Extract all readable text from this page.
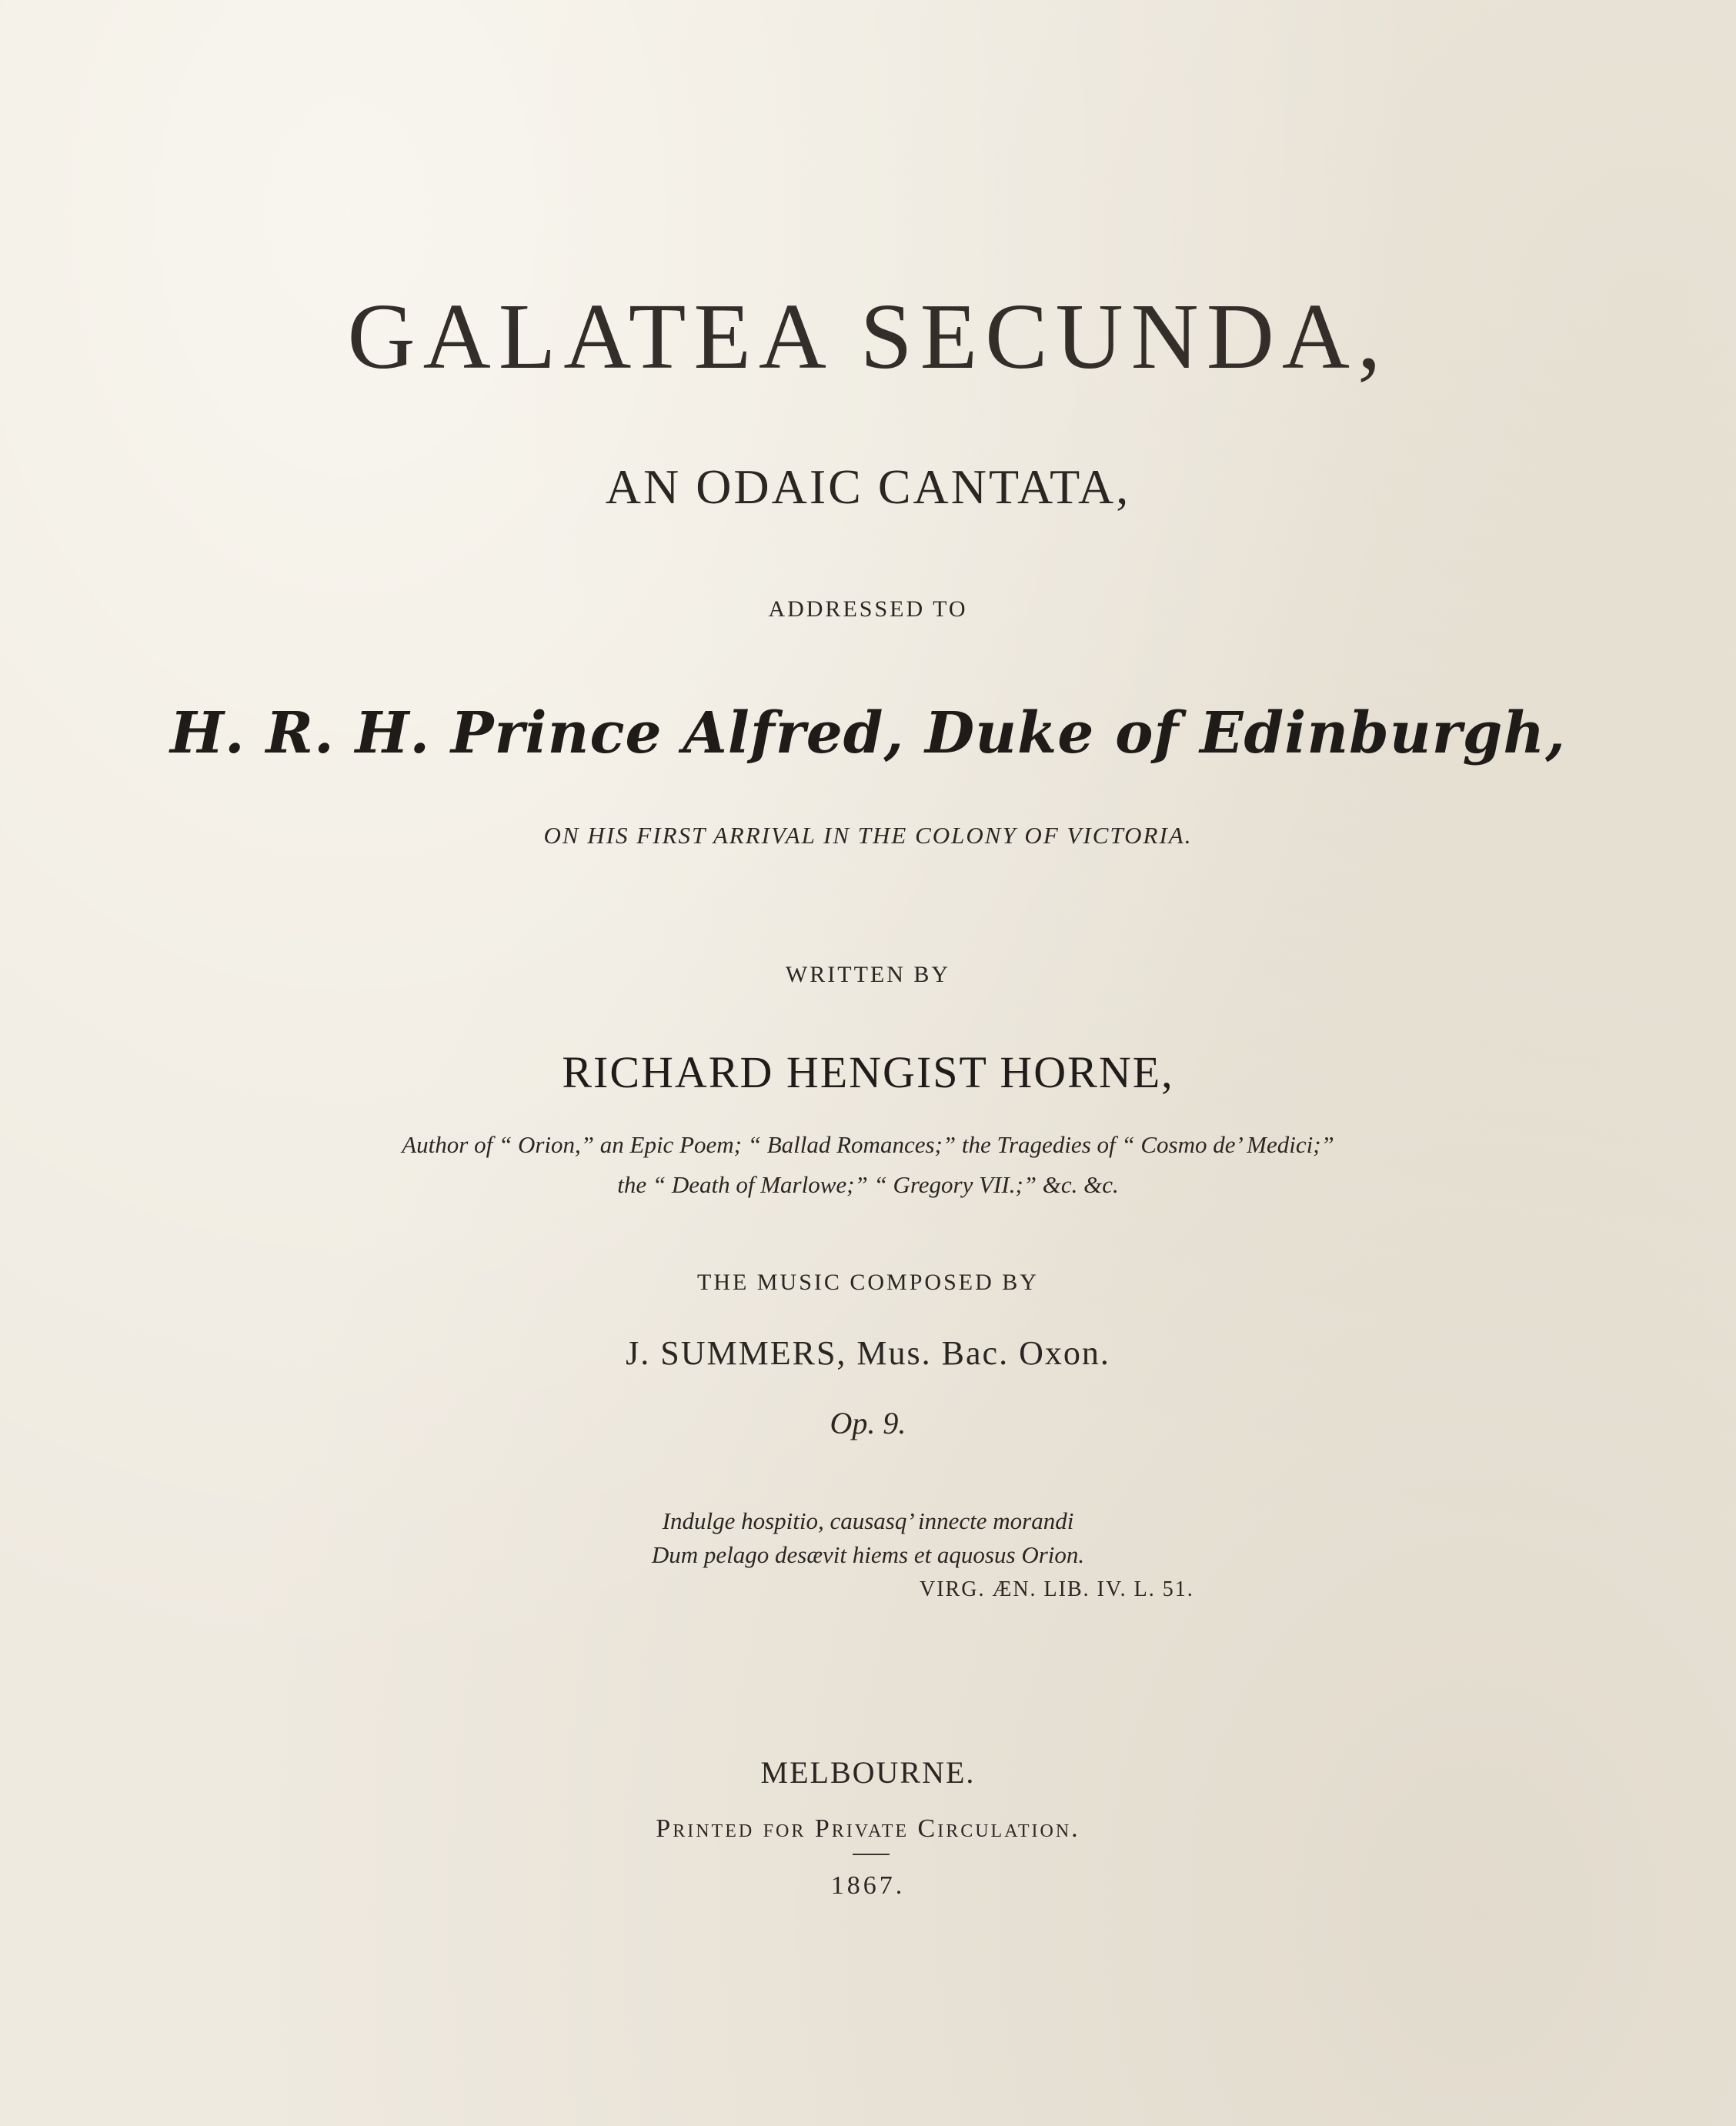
GALATEA SECUNDA,
AN ODAIC CANTATA,

ADDRESSED TO

H. R. H. Prince Alfred, Duke of Edinburgh,

ON HIS FIRST ARRIVAL IN THE COLONY OF VICTORIA.

WRITTEN BY

RICHARD HENGIST HORNE,

Author of “ Orion,” an Epic Poem; “ Ballad Romances;” the Tragedies of “ Cosmo de’ Medici;”
the “ Death of Marlowe;” “ Gregory VII.;” &c. &c.

THE MUSIC COMPOSED BY

J. SUMMERS, Mus. Bac. Oxon.

Op. 9.

Indulge hospitio, causasq’ innecte morandi
Dum pelago desævit hiems et aquosus Orion.
VIRG. ÆN. LIB. IV. L. 51.

MELBOURNE.

Printed for Private Circulation.

1867.
